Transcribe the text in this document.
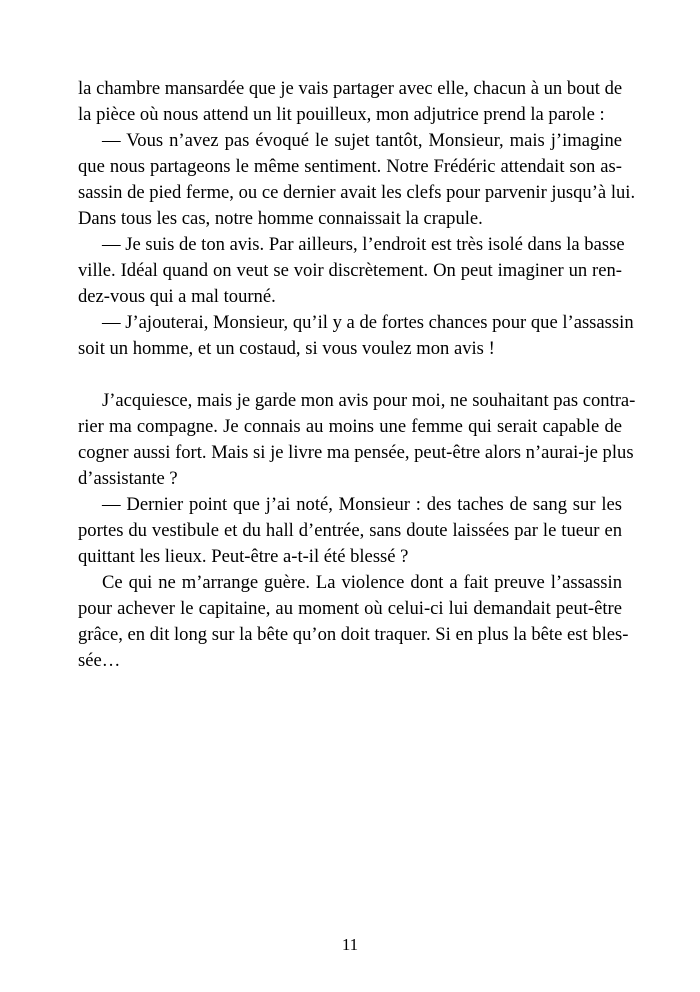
la chambre mansardée que je vais partager avec elle, chacun à un bout de
la pièce où nous attend un lit pouilleux, mon adjutrice prend la parole :
— Vous n’avez pas évoqué le sujet tantôt, Monsieur, mais j’imagine
que nous partageons le même sentiment. Notre Frédéric attendait son as-
sassin de pied ferme, ou ce dernier avait les clefs pour parvenir jusqu’à lui.
Dans tous les cas, notre homme connaissait la crapule.
— Je suis de ton avis. Par ailleurs, l’endroit est très isolé dans la basse
ville. Idéal quand on veut se voir discrètement. On peut imaginer un ren-
dez-vous qui a mal tourné.
— J’ajouterai, Monsieur, qu’il y a de fortes chances pour que l’assassin
soit un homme, et un costaud, si vous voulez mon avis !
J’acquiesce, mais je garde mon avis pour moi, ne souhaitant pas contra-
rier ma compagne. Je connais au moins une femme qui serait capable de
cogner aussi fort. Mais si je livre ma pensée, peut-être alors n’aurai-je plus
d’assistante ?
— Dernier point que j’ai noté, Monsieur : des taches de sang sur les
portes du vestibule et du hall d’entrée, sans doute laissées par le tueur en
quittant les lieux. Peut-être a-t-il été blessé ?
Ce qui ne m’arrange guère. La violence dont a fait preuve l’assassin
pour achever le capitaine, au moment où celui-ci lui demandait peut-être
grâce, en dit long sur la bête qu’on doit traquer. Si en plus la bête est bles-
sée…
11
